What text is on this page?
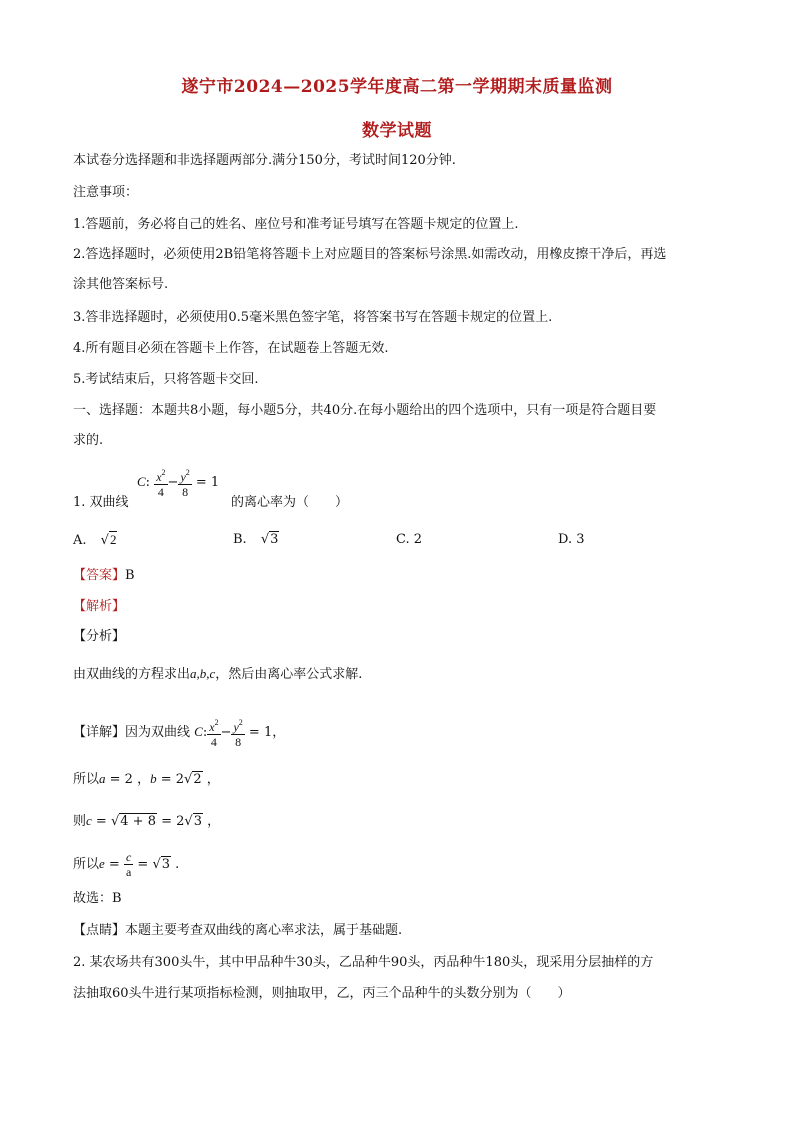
遂宁市2024—2025学年度高二第一学期期末质量监测
数学试题
本试卷分选择题和非选择题两部分.满分150分，考试时间120分钟.
注意事项：
1.答题前，务必将自己的姓名、座位号和准考证号填写在答题卡规定的位置上.
2.答选择题时，必须使用2B铅笔将答题卡上对应题目的答案标号涂黑.如需改动，用橡皮擦干净后，再选
涂其他答案标号.
3.答非选择题时，必须使用0.5毫米黑色签字笔，将答案书写在答题卡规定的位置上.
4.所有题目必须在答题卡上作答，在试题卷上答题无效.
5.考试结束后，只将答题卡交回.
一、选择题：本题共8小题，每小题5分，共40分.在每小题给出的四个选项中，只有一项是符合题目要
求的.
1. 双曲线
C: $\frac{x^2}{4} - \frac{y^2}{8} = 1$
的离心率为（　　）
A. √2	B. √3	C. 2	D. 3
【答案】B
【解析】
【分析】
由双曲线的方程求出a,b,c，然后由离心率公式求解.
【详解】因为双曲线 C: $\frac{x^2}{4} - \frac{y^2}{8} = 1$，
所以a = 2 ，b = 2√2 ，
则c = √4 + 8 = 2√3 ，
所以$e = \frac{c}{a} = √3$ .
故选：B
【点睛】本题主要考查双曲线的离心率求法，属于基础题.
2. 某农场共有300头牛，其中甲品种牛30头，乙品种牛90头，丙品种牛180头，现采用分层抽样的方
法抽取60头牛进行某项指标检测，则抽取甲，乙，丙三个品种牛的头数分别为（　　）
